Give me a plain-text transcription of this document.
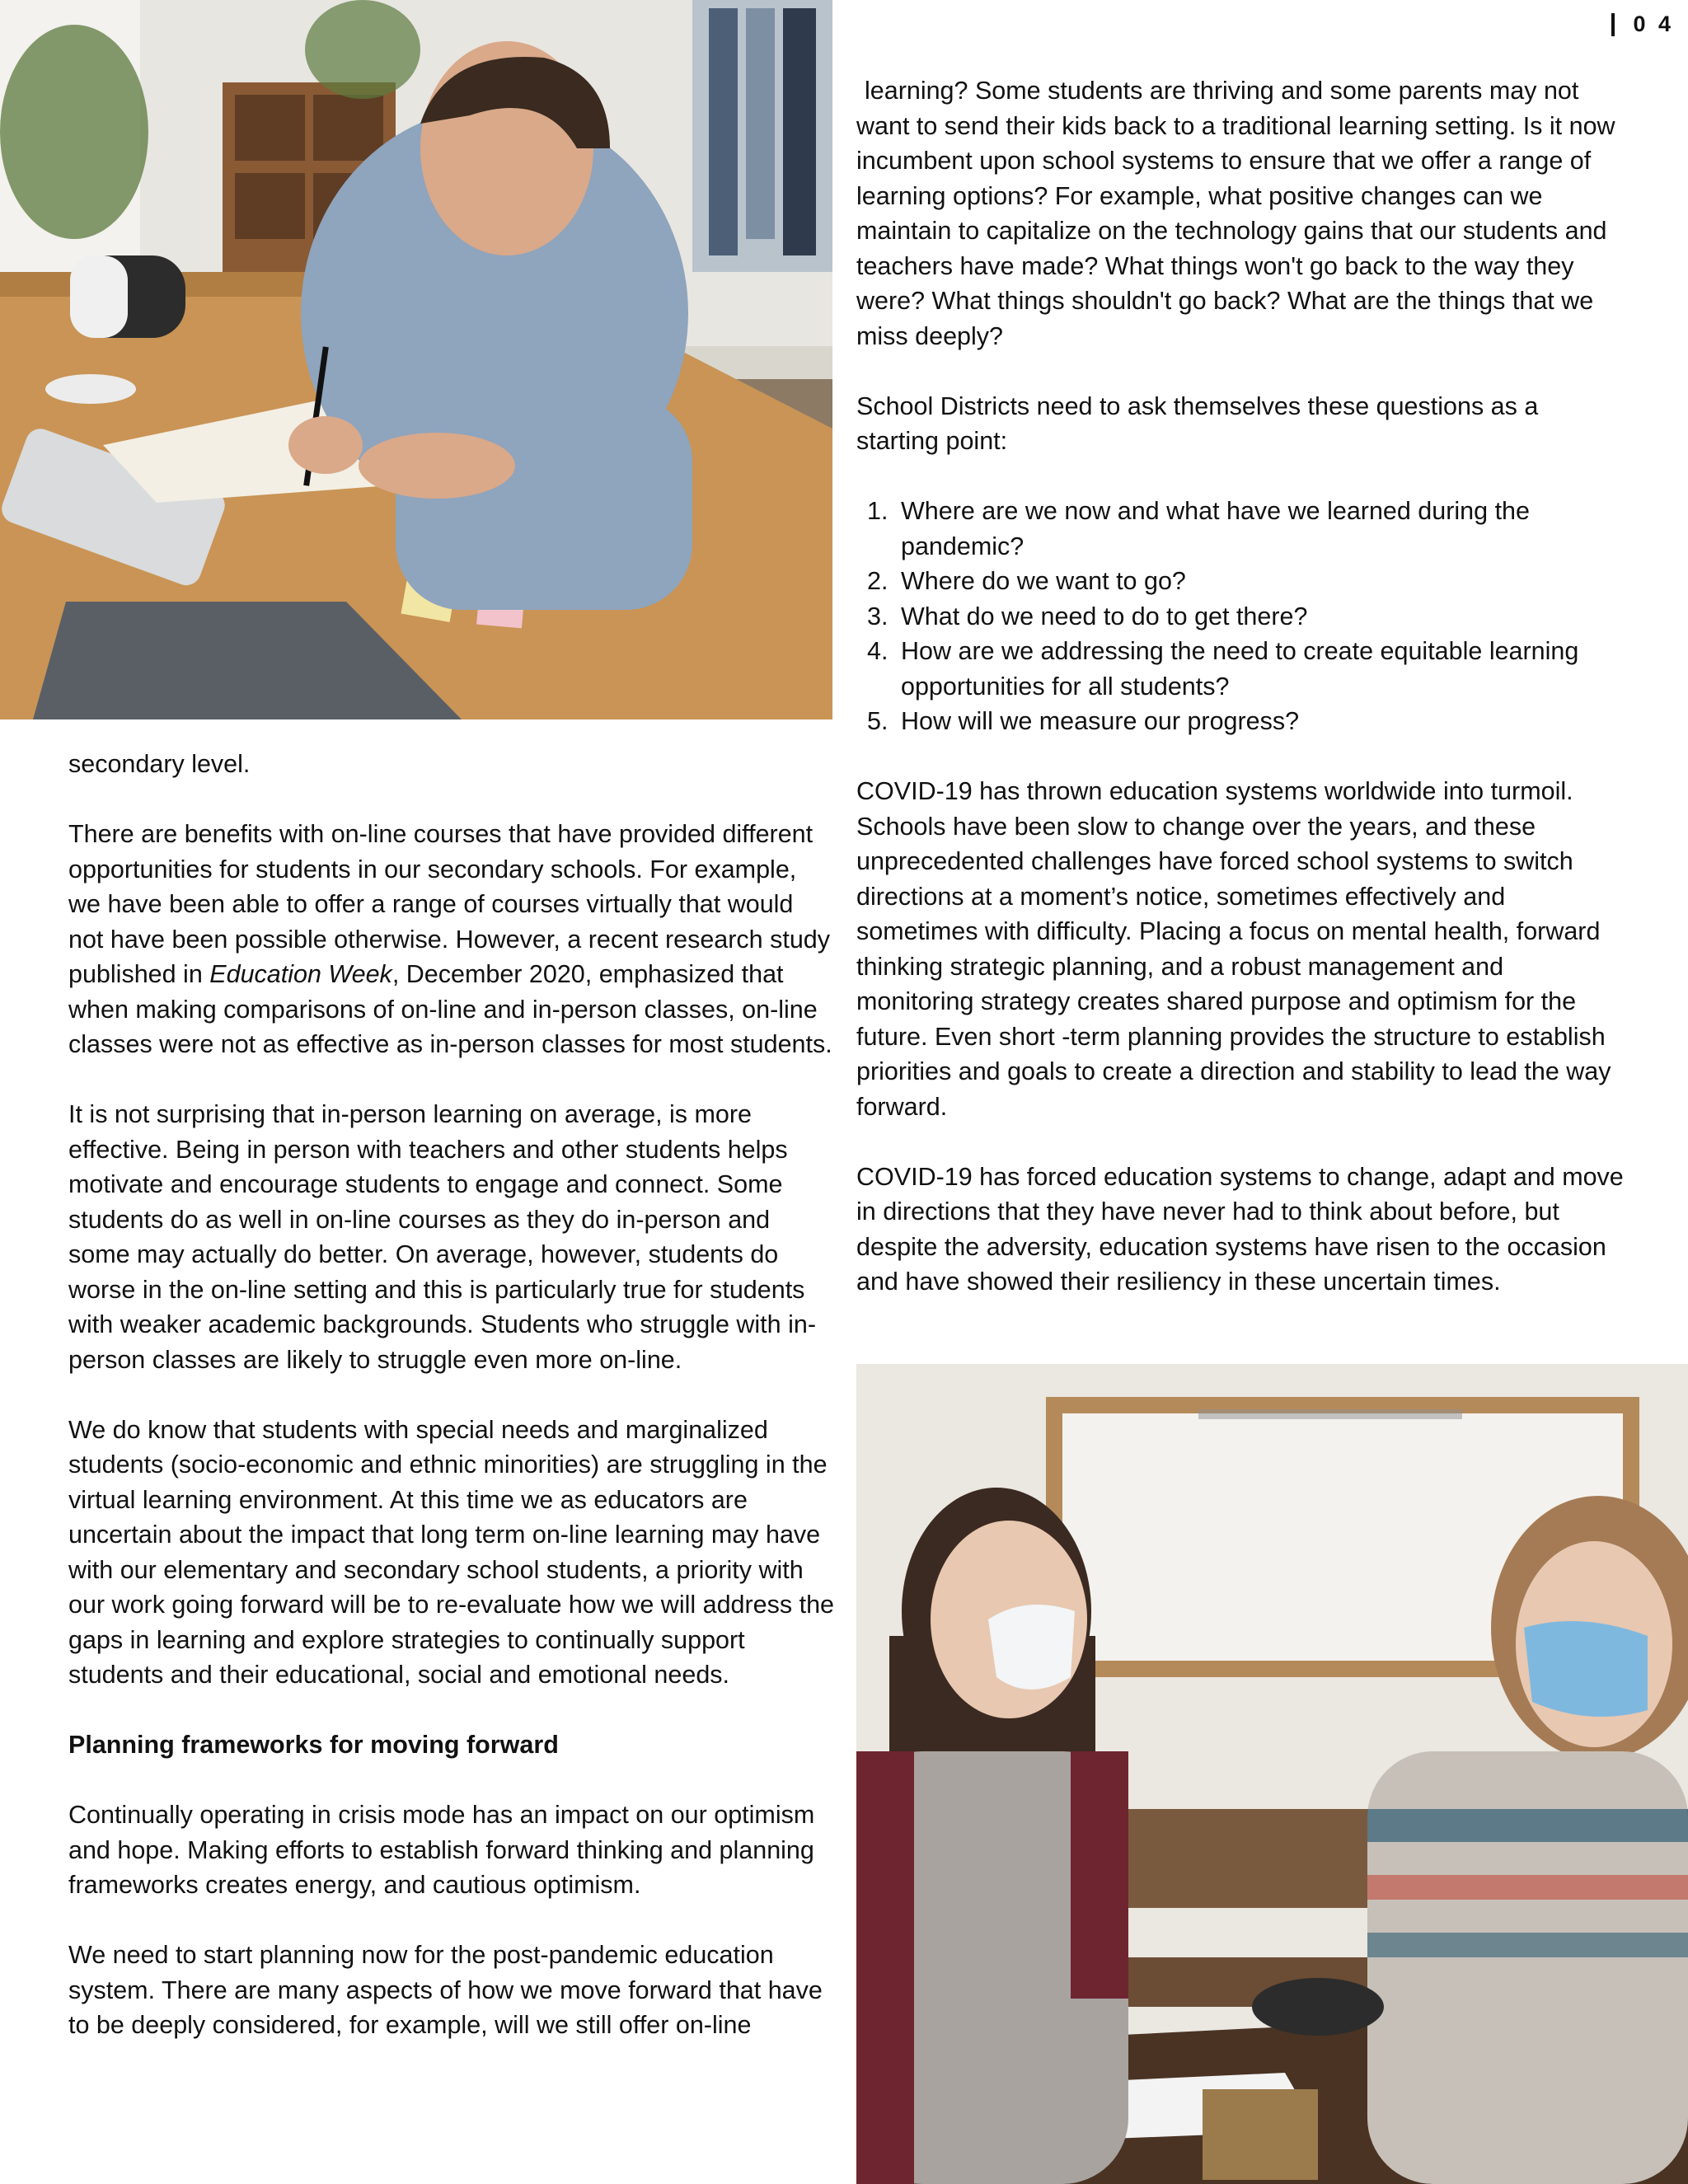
0 4

secondary level.

There are benefits with on-line courses that have provided different opportunities for students in our secondary schools. For example, we have been able to offer a range of courses virtually that would not have been possible otherwise. However, a recent research study published in Education Week, December 2020, emphasized that when making comparisons of on-line and in-person classes, on-line classes were not as effective as in-person classes for most students.

It is not surprising that in-person learning on average, is more effective. Being in person with teachers and other students helps motivate and encourage students to engage and connect. Some students do as well in on-line courses as they do in-person and some may actually do better. On average, however, students do worse in the on-line setting and this is particularly true for students with weaker academic backgrounds. Students who struggle with in-person classes are likely to struggle even more on-line.

We do know that students with special needs and marginalized students (socio-economic and ethnic minorities) are struggling in the virtual learning environment. At this time we as educators are uncertain about the impact that long term on-line learning may have with our elementary and secondary school students, a priority with our work going forward will be to re-evaluate how we will address the gaps in learning and explore strategies to continually support students and their educational, social and emotional needs.

Planning frameworks for moving forward

Continually operating in crisis mode has an impact on our optimism and hope. Making efforts to establish forward thinking and planning frameworks creates energy, and cautious optimism.

We need to start planning now for the post-pandemic education system. There are many aspects of how we move forward that have to be deeply considered, for example, will we still offer on-line

learning? Some students are thriving and some parents may not want to send their kids back to a traditional learning setting. Is it now incumbent upon school systems to ensure that we offer a range of learning options? For example, what positive changes can we maintain to capitalize on the technology gains that our students and teachers have made? What things won't go back to the way they were? What things shouldn't go back? What are the things that we miss deeply?

School Districts need to ask themselves these questions as a starting point:

1. Where are we now and what have we learned during the pandemic?
2. Where do we want to go?
3. What do we need to do to get there?
4. How are we addressing the need to create equitable learning opportunities for all students?
5. How will we measure our progress?

COVID-19 has thrown education systems worldwide into turmoil. Schools have been slow to change over the years, and these unprecedented challenges have forced school systems to switch directions at a moment’s notice, sometimes effectively and sometimes with difficulty. Placing a focus on mental health, forward thinking strategic planning, and a robust management and monitoring strategy creates shared purpose and optimism for the future. Even short -term planning provides the structure to establish priorities and goals to create a direction and stability to lead the way forward.

COVID-19 has forced education systems to change, adapt and move in directions that they have never had to think about before, but despite the adversity, education systems have risen to the occasion and have showed their resiliency in these uncertain times.
